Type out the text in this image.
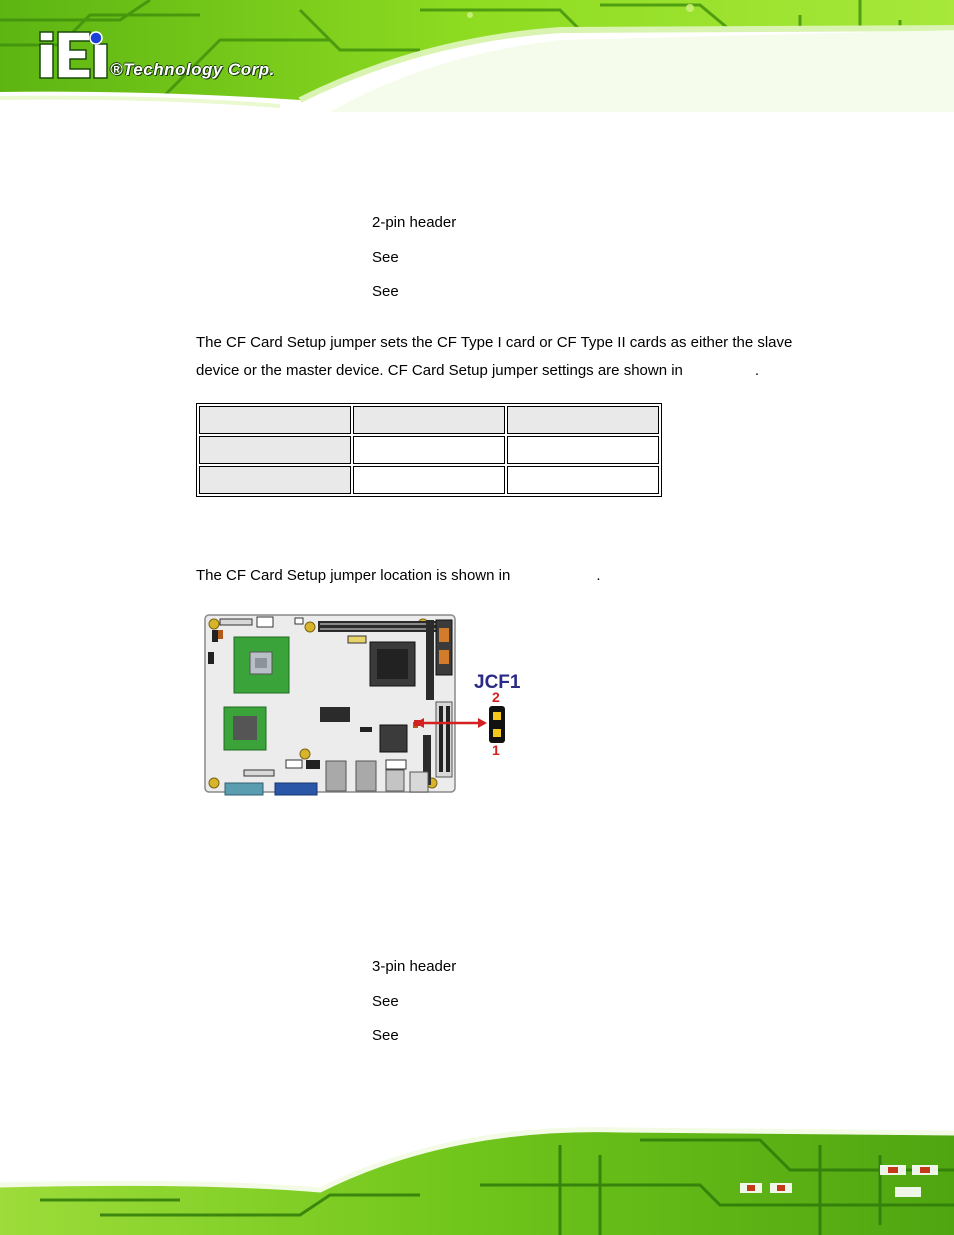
®Technology Corp.
2-pin header
See
See
The CF Card Setup jumper sets the CF Type I card or CF Type II cards as either the slave
device or the master device. CF Card Setup jumper settings are shown in	.

The CF Card Setup jumper location is shown in	.
JCF1
2
1
3-pin header
See
See
